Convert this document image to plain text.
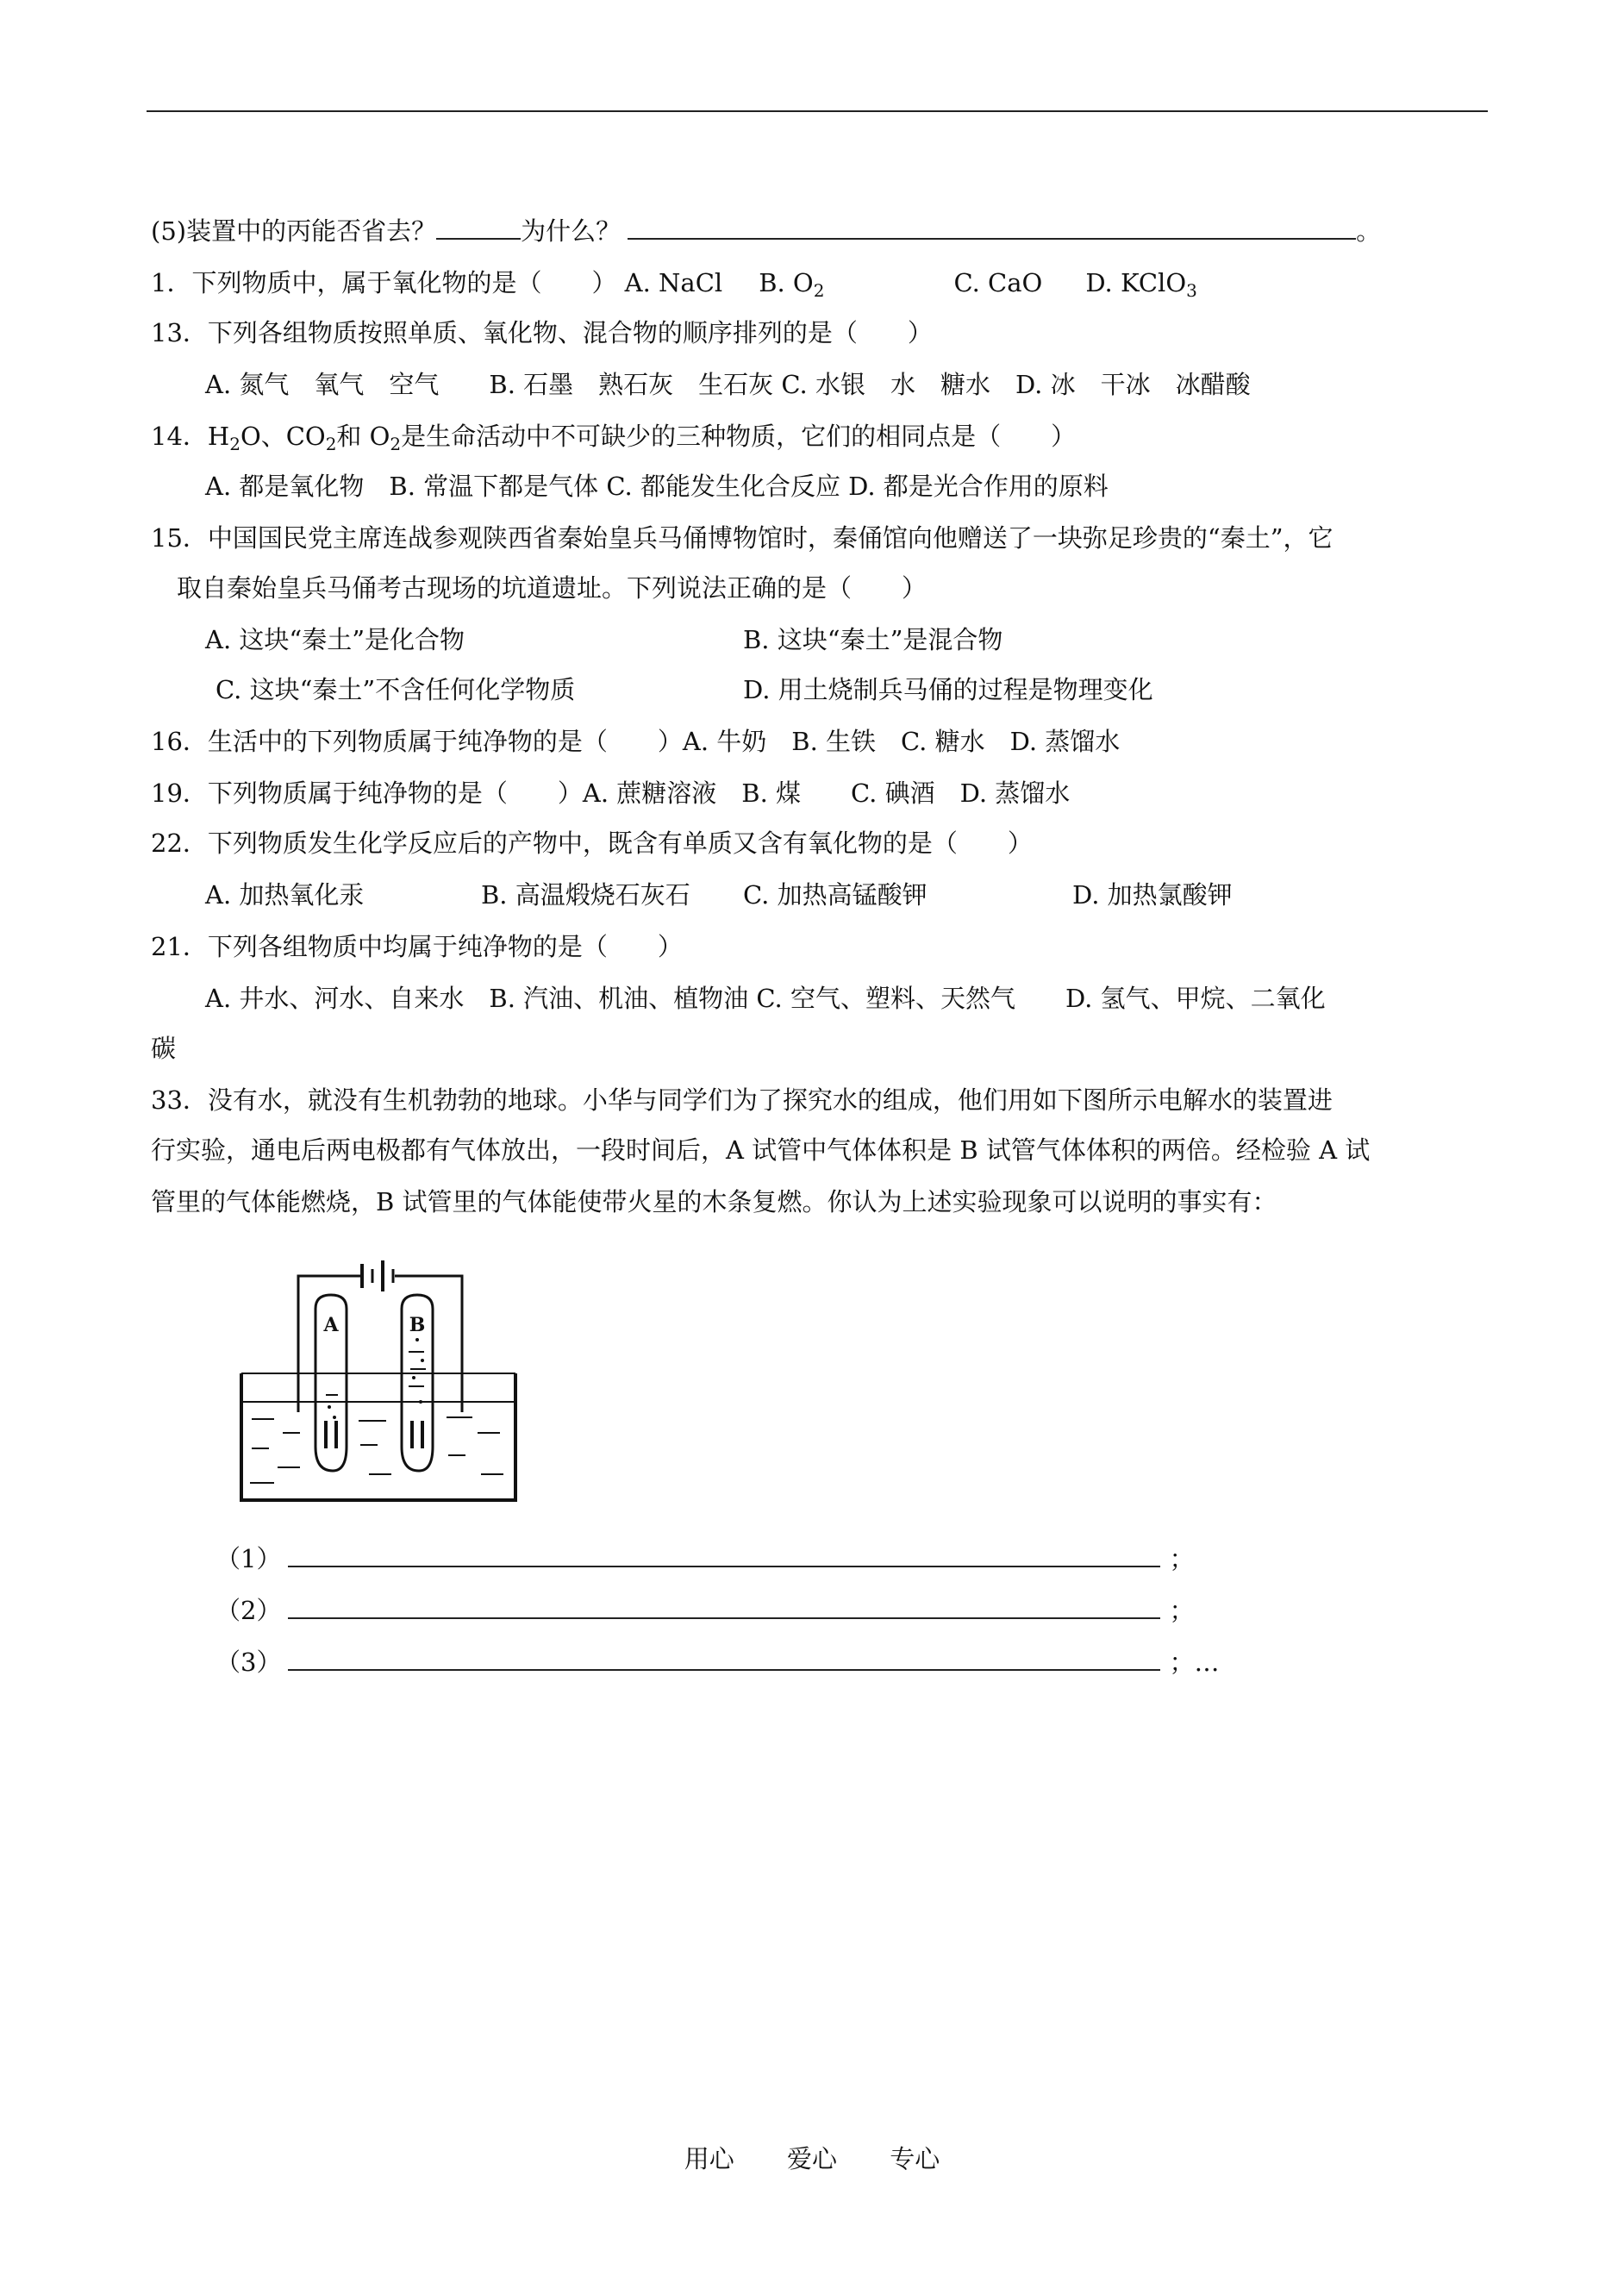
(5)装置中的丙能否省去？	为什么？	。
1．下列物质中，属于氧化物的是（　　） A. NaCl B. $O_2$	C. CaO D. KClO$_3$
13．下列各组物质按照单质、氧化物、混合物的顺序排列的是（　　）
A. 氮气　氧气　空气　　B. 石墨　熟石灰　生石灰 C. 水银　水　糖水　D. 冰　干冰　冰醋酸
14．$H_2O$、$CO_2$和 $O_2$是生命活动中不可缺少的三种物质，它们的相同点是（　　）
A. 都是氧化物　B. 常温下都是气体 C. 都能发生化合反应 D. 都是光合作用的原料
15．中国国民党主席连战参观陕西省秦始皇兵马俑博物馆时，秦俑馆向他赠送了一块弥足珍贵的“秦土”，它
取自秦始皇兵马俑考古现场的坑道遗址。下列说法正确的是（　　）
A. 这块“秦土”是化合物	B. 这块“秦土”是混合物
C. 这块“秦土”不含任何化学物质	D. 用土烧制兵马俑的过程是物理变化
16．生活中的下列物质属于纯净物的是（　　）A. 牛奶　B. 生铁　C. 糖水　D. 蒸馏水
19．下列物质属于纯净物的是（　　）A. 蔗糖溶液　B. 煤　　C. 碘酒　D. 蒸馏水
22．下列物质发生化学反应后的产物中，既含有单质又含有氧化物的是（　　）
A. 加热氧化汞	B. 高温煅烧石灰石 C. 加热高锰酸钾	D. 加热氯酸钾
21．下列各组物质中均属于纯净物的是（　　）
A. 井水、河水、自来水　B. 汽油、机油、植物油 C. 空气、塑料、天然气　　D. 氢气、甲烷、二氧化
碳
33．没有水，就没有生机勃勃的地球。小华与同学们为了探究水的组成，他们用如下图所示电解水的装置进
行实验，通电后两电极都有气体放出，一段时间后，A 试管中气体体积是 B 试管气体体积的两倍。经检验 A 试
管里的气体能燃烧，B 试管里的气体能使带火星的木条复燃。你认为上述实验现象可以说明的事实有：
A	B
（1）	；
（2）	；
（3）	；…
用心 爱心 专心
